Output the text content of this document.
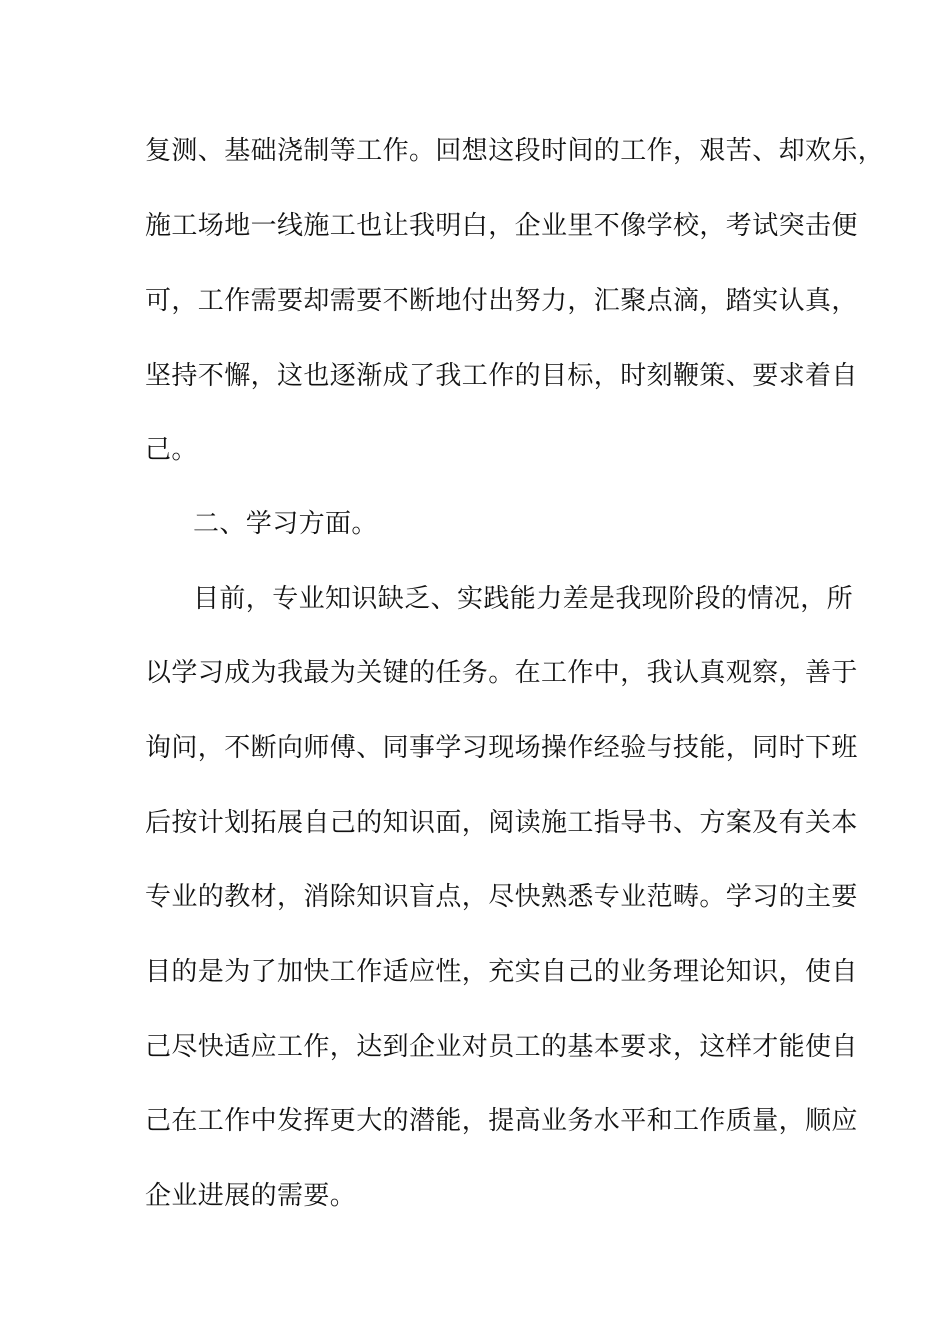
复测、基础浇制等工作。回想这段时间的工作，艰苦、却欢乐，
施工场地一线施工也让我明白，企业里不像学校，考试突击便
可，工作需要却需要不断地付出努力，汇聚点滴，踏实认真，
坚持不懈，这也逐渐成了我工作的目标，时刻鞭策、要求着自
己。
二、学习方面。
目前，专业知识缺乏、实践能力差是我现阶段的情况，所
以学习成为我最为关键的任务。在工作中，我认真观察，善于
询问，不断向师傅、同事学习现场操作经验与技能，同时下班
后按计划拓展自己的知识面，阅读施工指导书、方案及有关本
专业的教材，消除知识盲点，尽快熟悉专业范畴。学习的主要
目的是为了加快工作适应性，充实自己的业务理论知识，使自
己尽快适应工作，达到企业对员工的基本要求，这样才能使自
己在工作中发挥更大的潜能，提高业务水平和工作质量，顺应
企业进展的需要。
